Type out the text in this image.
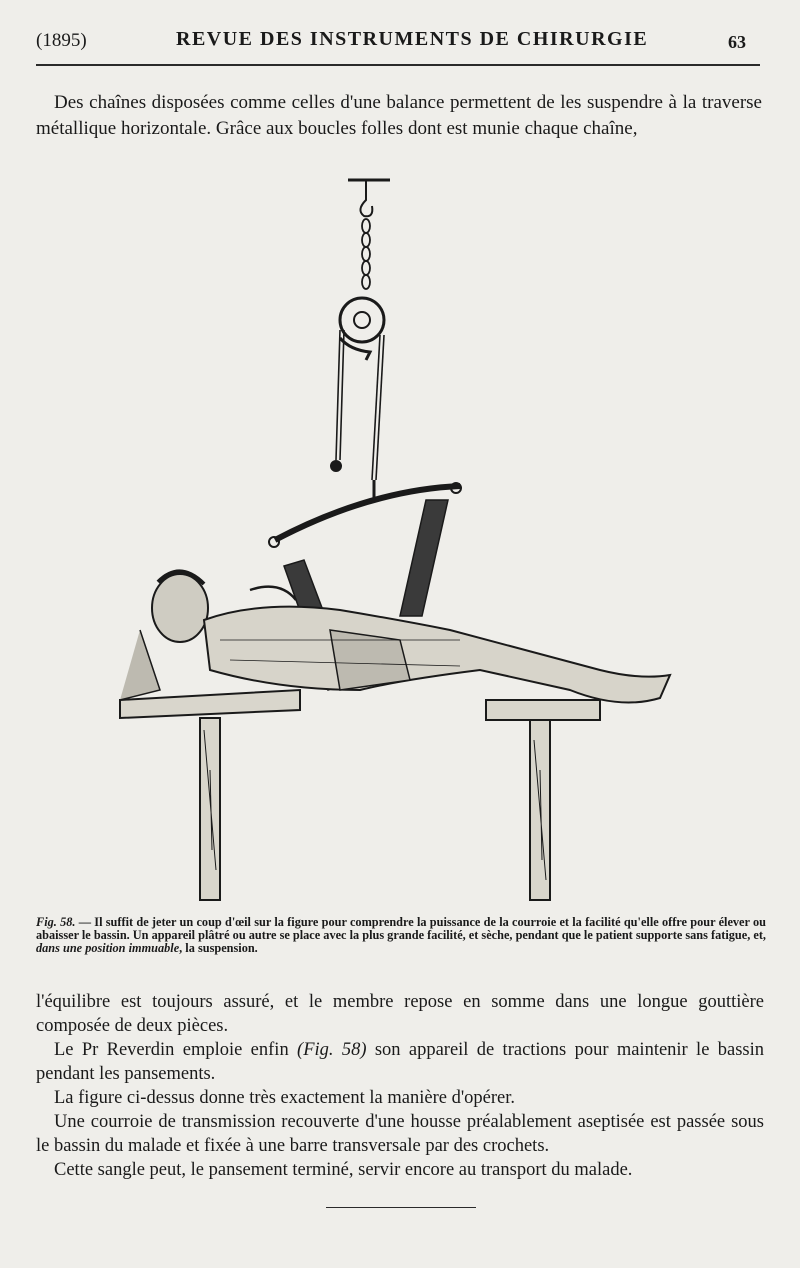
(1895)	REVUE DES INSTRUMENTS DE CHIRURGIE	63
Des chaînes disposées comme celles d'une balance permettent de les suspendre à la traverse métallique horizontale. Grâce aux boucles folles dont est munie chaque chaîne,
Fig. 58. — Il suffit de jeter un coup d'œil sur la figure pour comprendre la puissance de la courroie et la facilité qu'elle offre pour élever ou abaisser le bassin. Un appareil plâtré ou autre se place avec la plus grande facilité, et sèche, pendant que le patient supporte sans fatigue, et, dans une position immuable, la suspension.

l'équilibre est toujours assuré, et le membre repose en somme dans une longue gouttière composée de deux pièces.

Le Pr Reverdin emploie enfin (Fig. 58) son appareil de tractions pour maintenir le bassin pendant les pansements.

La figure ci-dessus donne très exactement la manière d'opérer.

Une courroie de transmission recouverte d'une housse préalablement aseptisée est passée sous le bassin du malade et fixée à une barre transversale par des crochets.

Cette sangle peut, le pansement terminé, servir encore au transport du malade.
